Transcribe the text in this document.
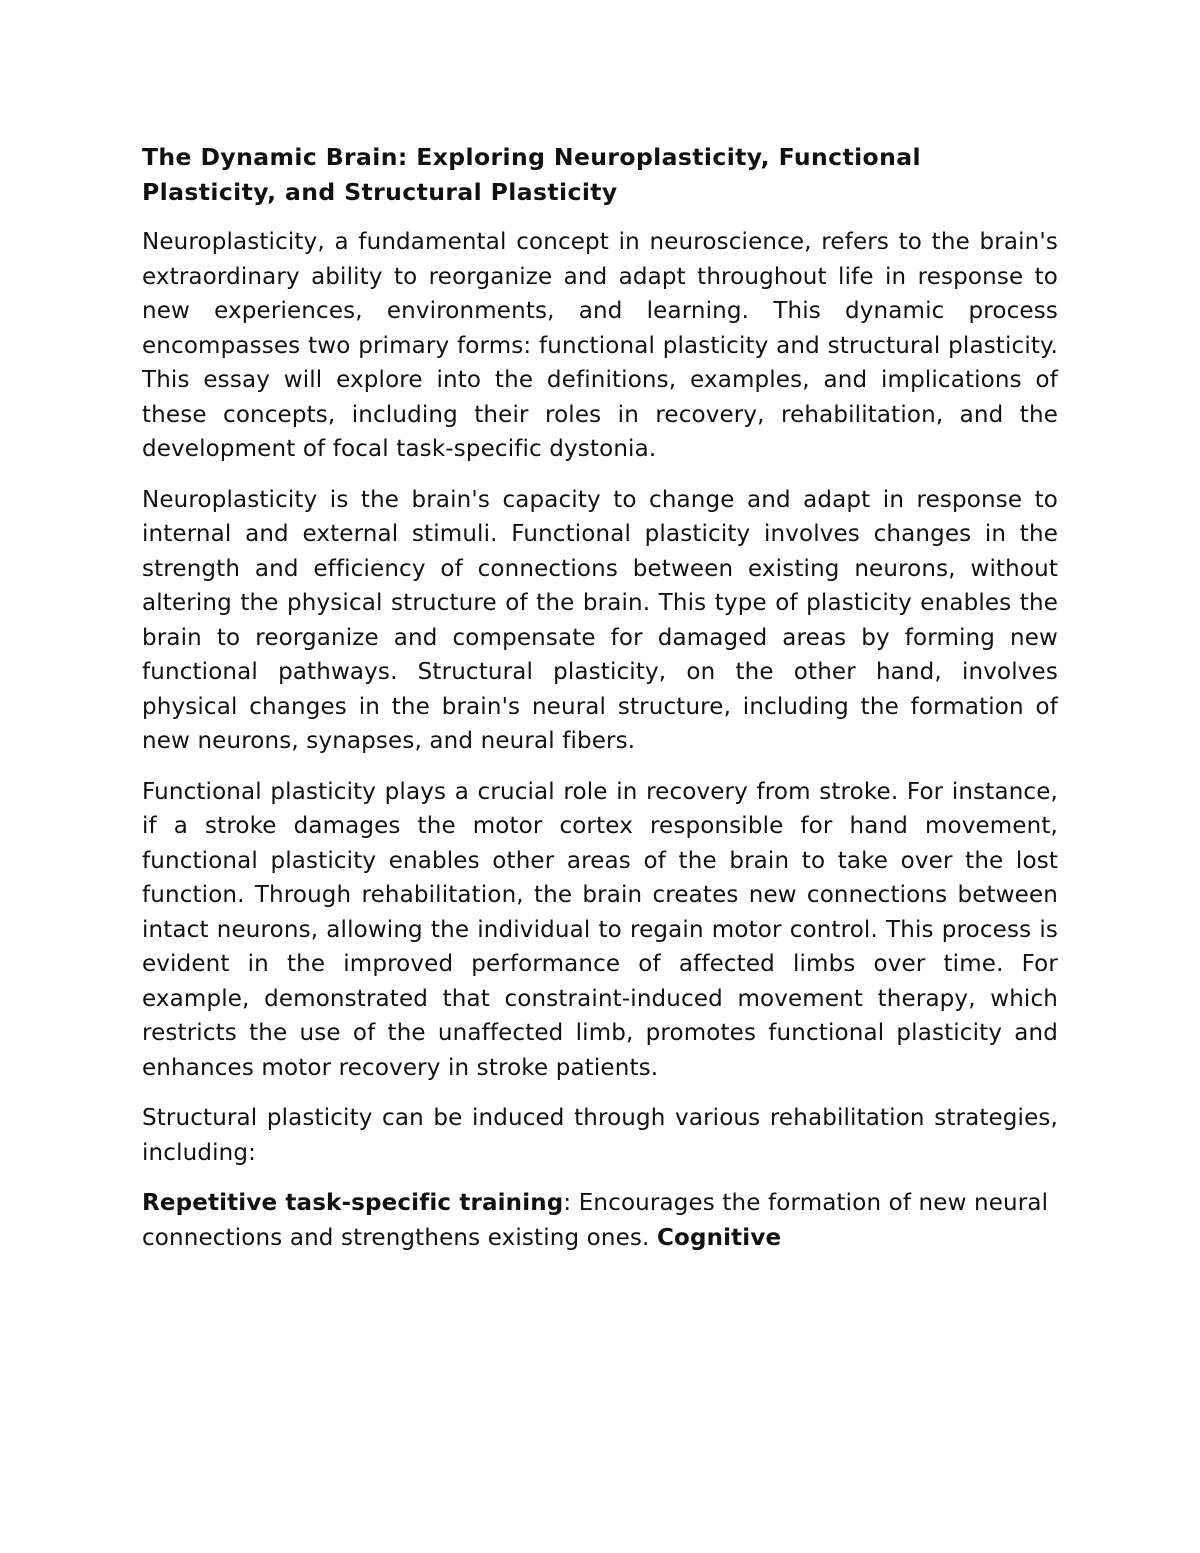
The Dynamic Brain: Exploring Neuroplasticity, Functional Plasticity, and Structural Plasticity

Neuroplasticity, a fundamental concept in neuroscience, refers to the brain's extraordinary ability to reorganize and adapt throughout life in response to new experiences, environments, and learning. This dynamic process encompasses two primary forms: functional plasticity and structural plasticity. This essay will explore into the definitions, examples, and implications of these concepts, including their roles in recovery, rehabilitation, and the development of focal task-specific dystonia.

Neuroplasticity is the brain's capacity to change and adapt in response to internal and external stimuli. Functional plasticity involves changes in the strength and efficiency of connections between existing neurons, without altering the physical structure of the brain. This type of plasticity enables the brain to reorganize and compensate for damaged areas by forming new functional pathways. Structural plasticity, on the other hand, involves physical changes in the brain's neural structure, including the formation of new neurons, synapses, and neural fibers.

Functional plasticity plays a crucial role in recovery from stroke. For instance, if a stroke damages the motor cortex responsible for hand movement, functional plasticity enables other areas of the brain to take over the lost function. Through rehabilitation, the brain creates new connections between intact neurons, allowing the individual to regain motor control. This process is evident in the improved performance of affected limbs over time. For example, demonstrated that constraint-induced movement therapy, which restricts the use of the unaffected limb, promotes functional plasticity and enhances motor recovery in stroke patients.

Structural plasticity can be induced through various rehabilitation strategies, including:

Repetitive task-specific training: Encourages the formation of new neural connections and strengthens existing ones. Cognitive
